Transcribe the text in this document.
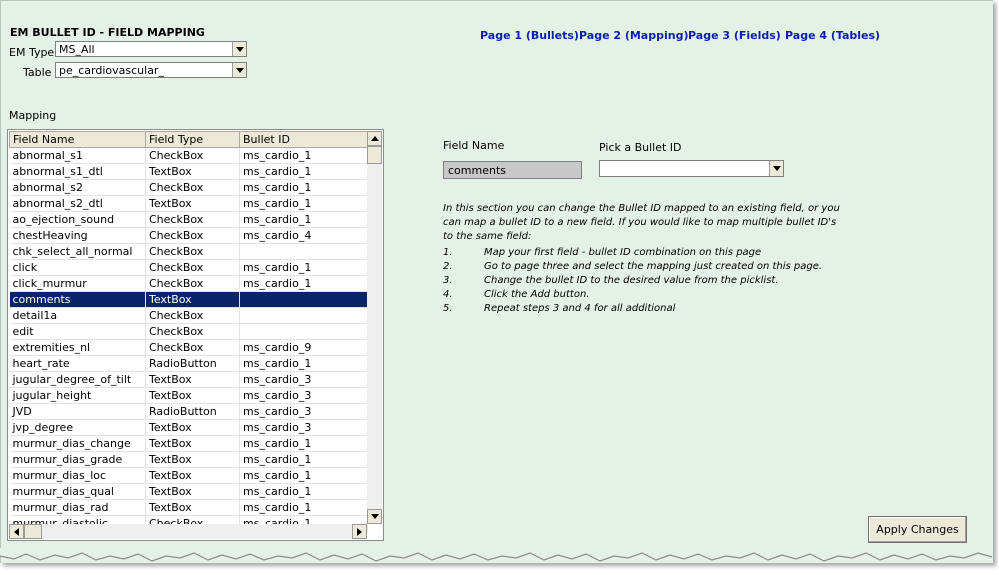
EM BULLET ID - FIELD MAPPING
EM Type MS_All
Table pe_cardiovascular_
Page 1 (Bullets) Page 2 (Mapping) Page 3 (Fields) Page 4 (Tables)
Mapping
Field Name	Field Type	Bullet ID
abnormal_s1	CheckBox	ms_cardio_1
abnormal_s1_dtl	TextBox	ms_cardio_1
abnormal_s2	CheckBox	ms_cardio_1
abnormal_s2_dtl	TextBox	ms_cardio_1
ao_ejection_sound	CheckBox	ms_cardio_1
chestHeaving	CheckBox	ms_cardio_4
chk_select_all_normal	CheckBox	
click	CheckBox	ms_cardio_1
click_murmur	CheckBox	ms_cardio_1
comments	TextBox	
detail1a	CheckBox	
edit	CheckBox	
extremities_nl	CheckBox	ms_cardio_9
heart_rate	RadioButton	ms_cardio_1
jugular_degree_of_tilt	TextBox	ms_cardio_3
jugular_height	TextBox	ms_cardio_3
JVD	RadioButton	ms_cardio_3
jvp_degree	TextBox	ms_cardio_3
murmur_dias_change	TextBox	ms_cardio_1
murmur_dias_grade	TextBox	ms_cardio_1
murmur_dias_loc	TextBox	ms_cardio_1
murmur_dias_qual	TextBox	ms_cardio_1
murmur_dias_rad	TextBox	ms_cardio_1

Field Name
comments
Pick a Bullet ID
In this section you can change the Bullet ID mapped to an existing field, or you can map a bullet ID to a new field. If you would like to map multiple bullet ID's to the same field:
1.	Map your first field - bullet ID combination on this page
2.	Go to page three and select the mapping just created on this page.
3.	Change the bullet ID to the desired value from the picklist.
4.	Click the Add button.
5.	Repeat steps 3 and 4 for all additional
Apply Changes
